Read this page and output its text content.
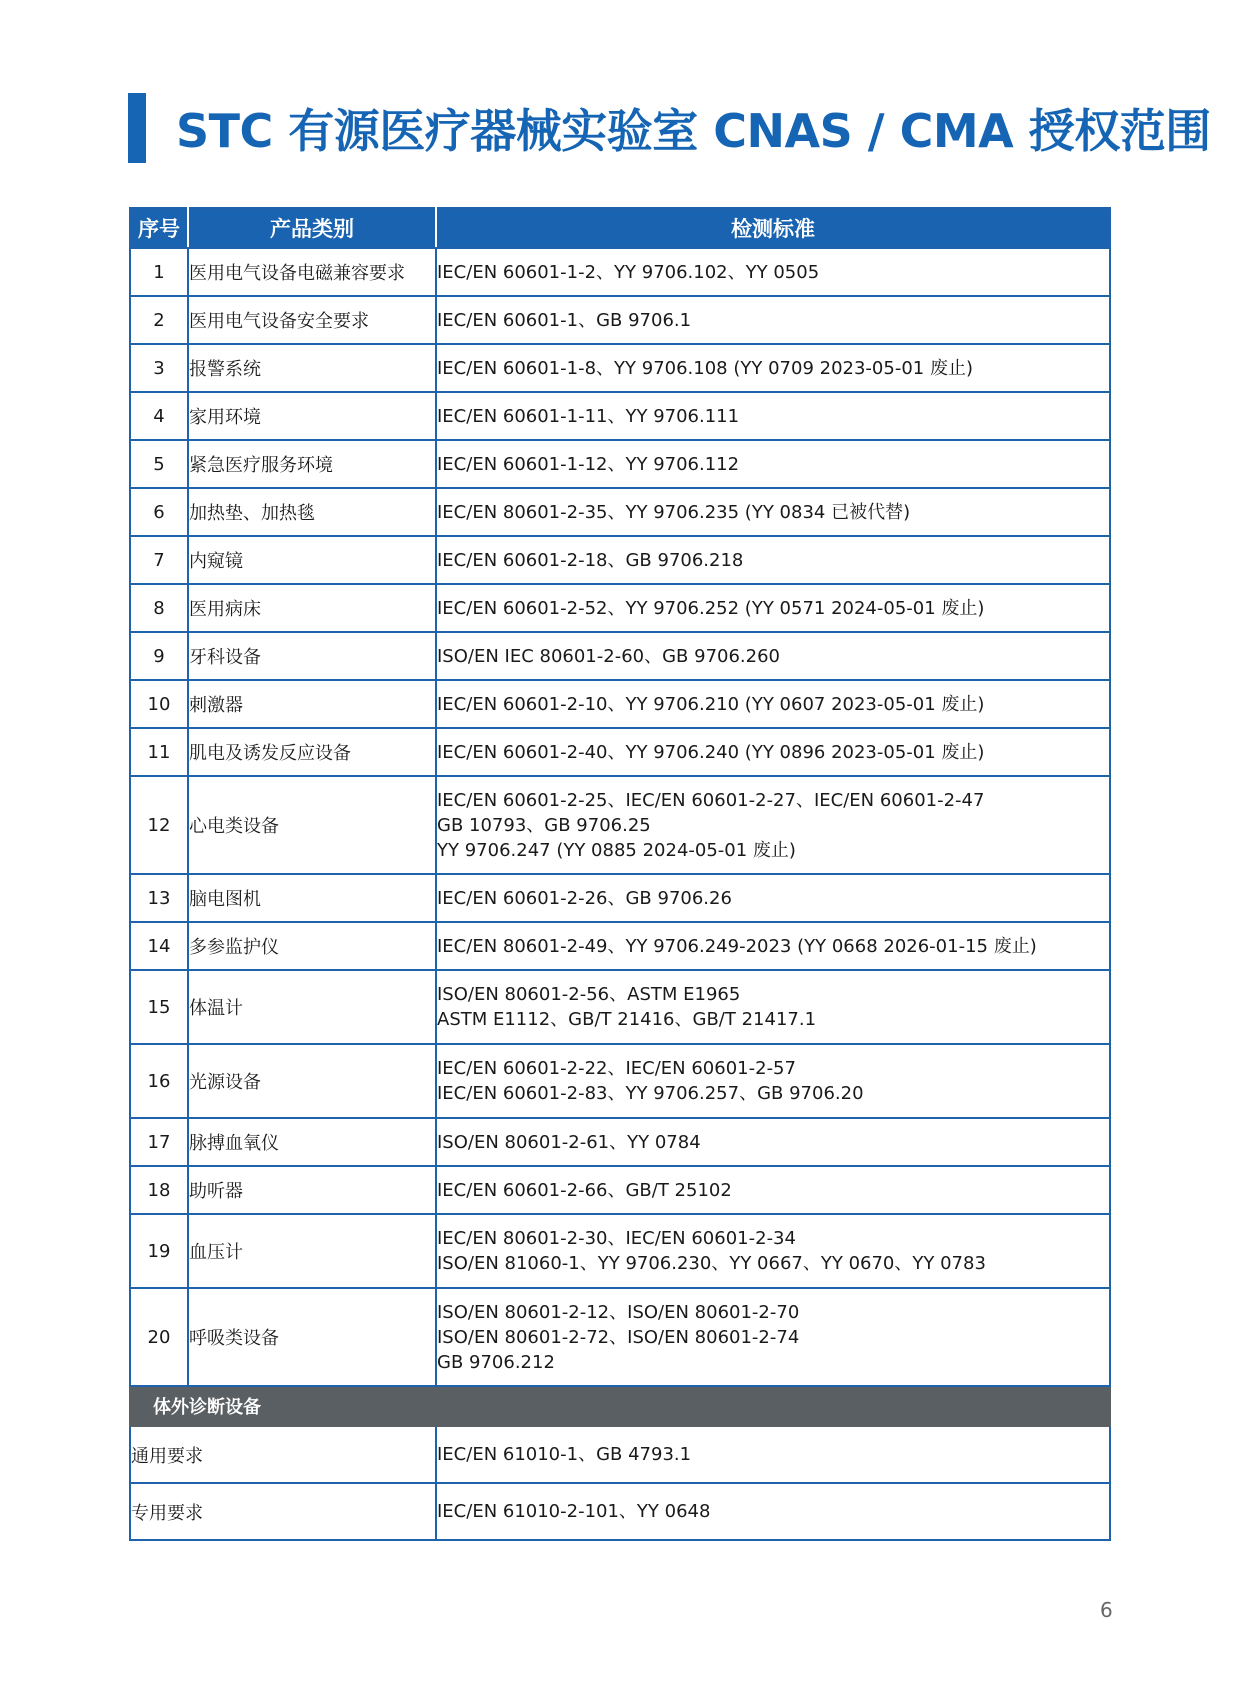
STC 有源医疗器械实验室 CNAS / CMA 授权范围
序号	产品类别	检测标准
1	医用电气设备电磁兼容要求	IEC/EN 60601-1-2、YY 9706.102、YY 0505

2	医用电气设备安全要求	IEC/EN 60601-1、GB 9706.1

3	报警系统	IEC/EN 60601-1-8、YY 9706.108 (YY 0709 2023-05-01 废止)

4	家用环境	IEC/EN 60601-1-11、YY 9706.111

5	紧急医疗服务环境	IEC/EN 60601-1-12、YY 9706.112

6	加热垫、加热毯	IEC/EN 80601-2-35、YY 9706.235 (YY 0834 已被代替)

7	内窥镜	IEC/EN 60601-2-18、GB 9706.218

8	医用病床	IEC/EN 60601-2-52、YY 9706.252 (YY 0571 2024-05-01 废止)

9	牙科设备	ISO/EN IEC 80601-2-60、GB 9706.260

10	刺激器	IEC/EN 60601-2-10、YY 9706.210 (YY 0607 2023-05-01 废止)

11	肌电及诱发反应设备	IEC/EN 60601-2-40、YY 9706.240 (YY 0896 2023-05-01 废止)

12	心电类设备	IEC/EN 60601-2-25、IEC/EN 60601-2-27、IEC/EN 60601-2-47
GB 10793、GB 9706.25
YY 9706.247 (YY 0885 2024-05-01 废止)

13	脑电图机	IEC/EN 60601-2-26、GB 9706.26

14	多参监护仪	IEC/EN 80601-2-49、YY 9706.249-2023 (YY 0668 2026-01-15 废止)

15	体温计	ISO/EN 80601-2-56、ASTM E1965
ASTM E1112、GB/T 21416、GB/T 21417.1

16	光源设备	IEC/EN 60601-2-22、IEC/EN 60601-2-57
IEC/EN 60601-2-83、YY 9706.257、GB 9706.20

17	脉搏血氧仪	ISO/EN 80601-2-61、YY 0784

18	助听器	IEC/EN 60601-2-66、GB/T 25102

19	血压计	IEC/EN 80601-2-30、IEC/EN 60601-2-34
ISO/EN 81060-1、YY 9706.230、YY 0667、YY 0670、YY 0783

20	呼吸类设备	ISO/EN 80601-2-12、ISO/EN 80601-2-70
ISO/EN 80601-2-72、ISO/EN 80601-2-74
GB 9706.212

体外诊断设备		
通用要求		IEC/EN 61010-1、GB 4793.1
专用要求		IEC/EN 61010-2-101、YY 0648
6
